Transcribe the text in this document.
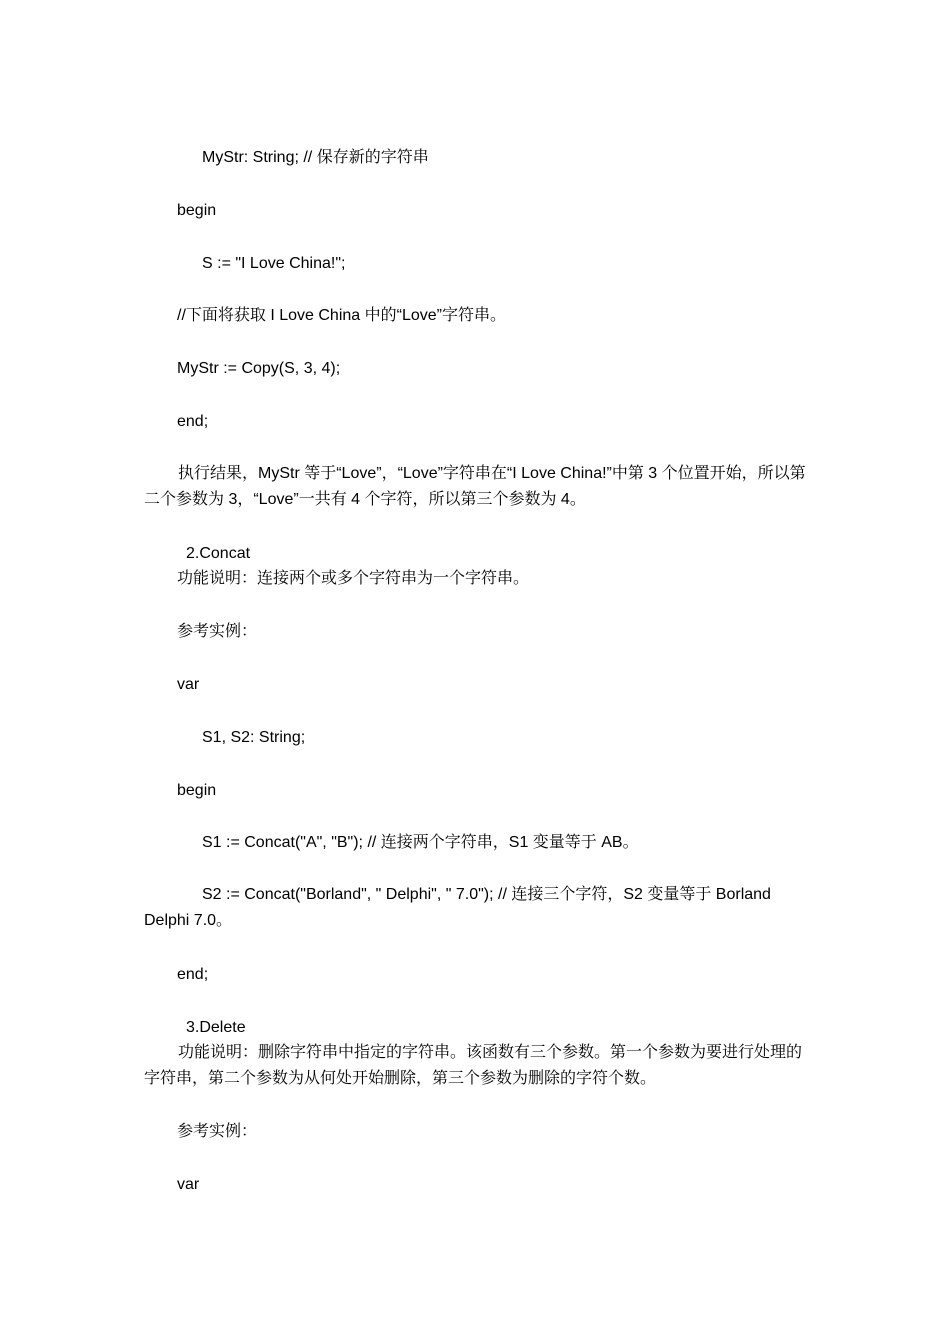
MyStr: String; // 保存新的字符串

begin

S := "I Love China!";

//下面将获取 I Love China 中的“Love”字符串。

MyStr := Copy(S, 3, 4);

end;

执行结果，MyStr 等于“Love”，“Love”字符串在“I Love China!”中第 3 个位置开始，所以第二个参数为 3，“Love”一共有 4 个字符，所以第三个参数为 4。

2.Concat

功能说明：连接两个或多个字符串为一个字符串。

参考实例：

var

S1, S2: String;

begin

S1 := Concat("A", "B"); // 连接两个字符串，S1 变量等于 AB。

S2 := Concat("Borland", " Delphi", " 7.0"); // 连接三个字符，S2 变量等于 Borland Delphi 7.0。

end;

3.Delete

功能说明：删除字符串中指定的字符串。该函数有三个参数。第一个参数为要进行处理的字符串，第二个参数为从何处开始删除，第三个参数为删除的字符个数。

参考实例：

var
